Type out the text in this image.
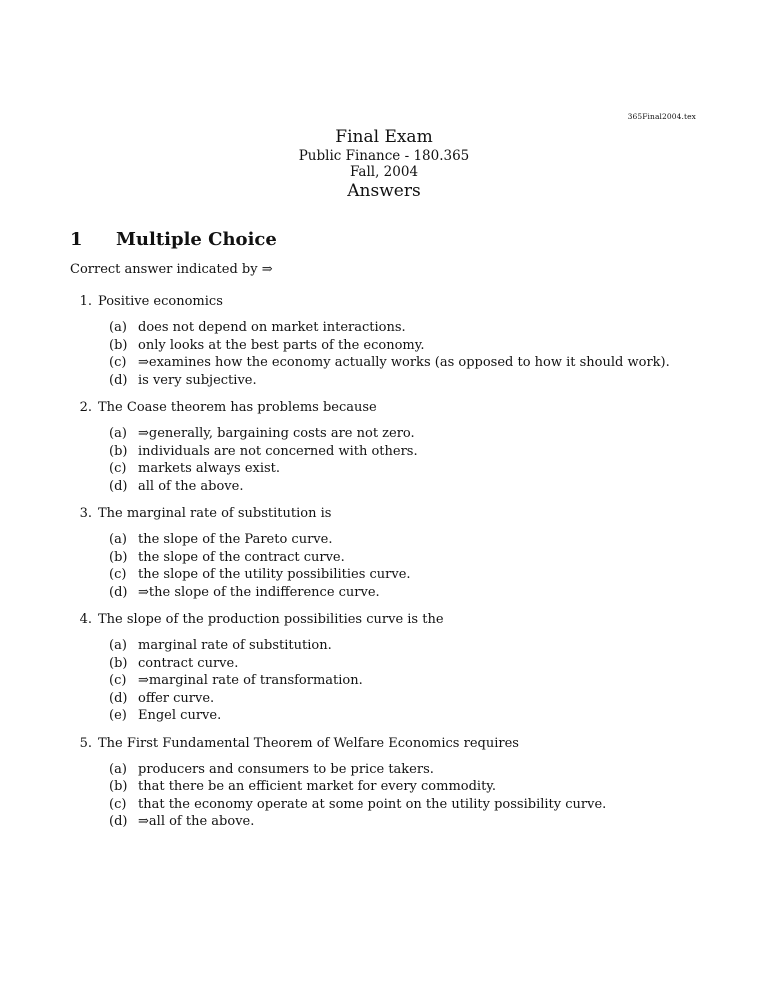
365Final2004.tex
Final Exam
Public Finance - 180.365
Fall, 2004
Answers
1 Multiple Choice
Correct answer indicated by ⇒
1. Positive economics
(a) does not depend on market interactions.
(b) only looks at the best parts of the economy.
(c) ⇒examines how the economy actually works (as opposed to how it should work).
(d) is very subjective.
2. The Coase theorem has problems because
(a) ⇒generally, bargaining costs are not zero.
(b) individuals are not concerned with others.
(c) markets always exist.
(d) all of the above.
3. The marginal rate of substitution is
(a) the slope of the Pareto curve.
(b) the slope of the contract curve.
(c) the slope of the utility possibilities curve.
(d) ⇒the slope of the indifference curve.
4. The slope of the production possibilities curve is the
(a) marginal rate of substitution.
(b) contract curve.
(c) ⇒marginal rate of transformation.
(d) offer curve.
(e) Engel curve.
5. The First Fundamental Theorem of Welfare Economics requires
(a) producers and consumers to be price takers.
(b) that there be an efficient market for every commodity.
(c) that the economy operate at some point on the utility possibility curve.
(d) ⇒all of the above.
